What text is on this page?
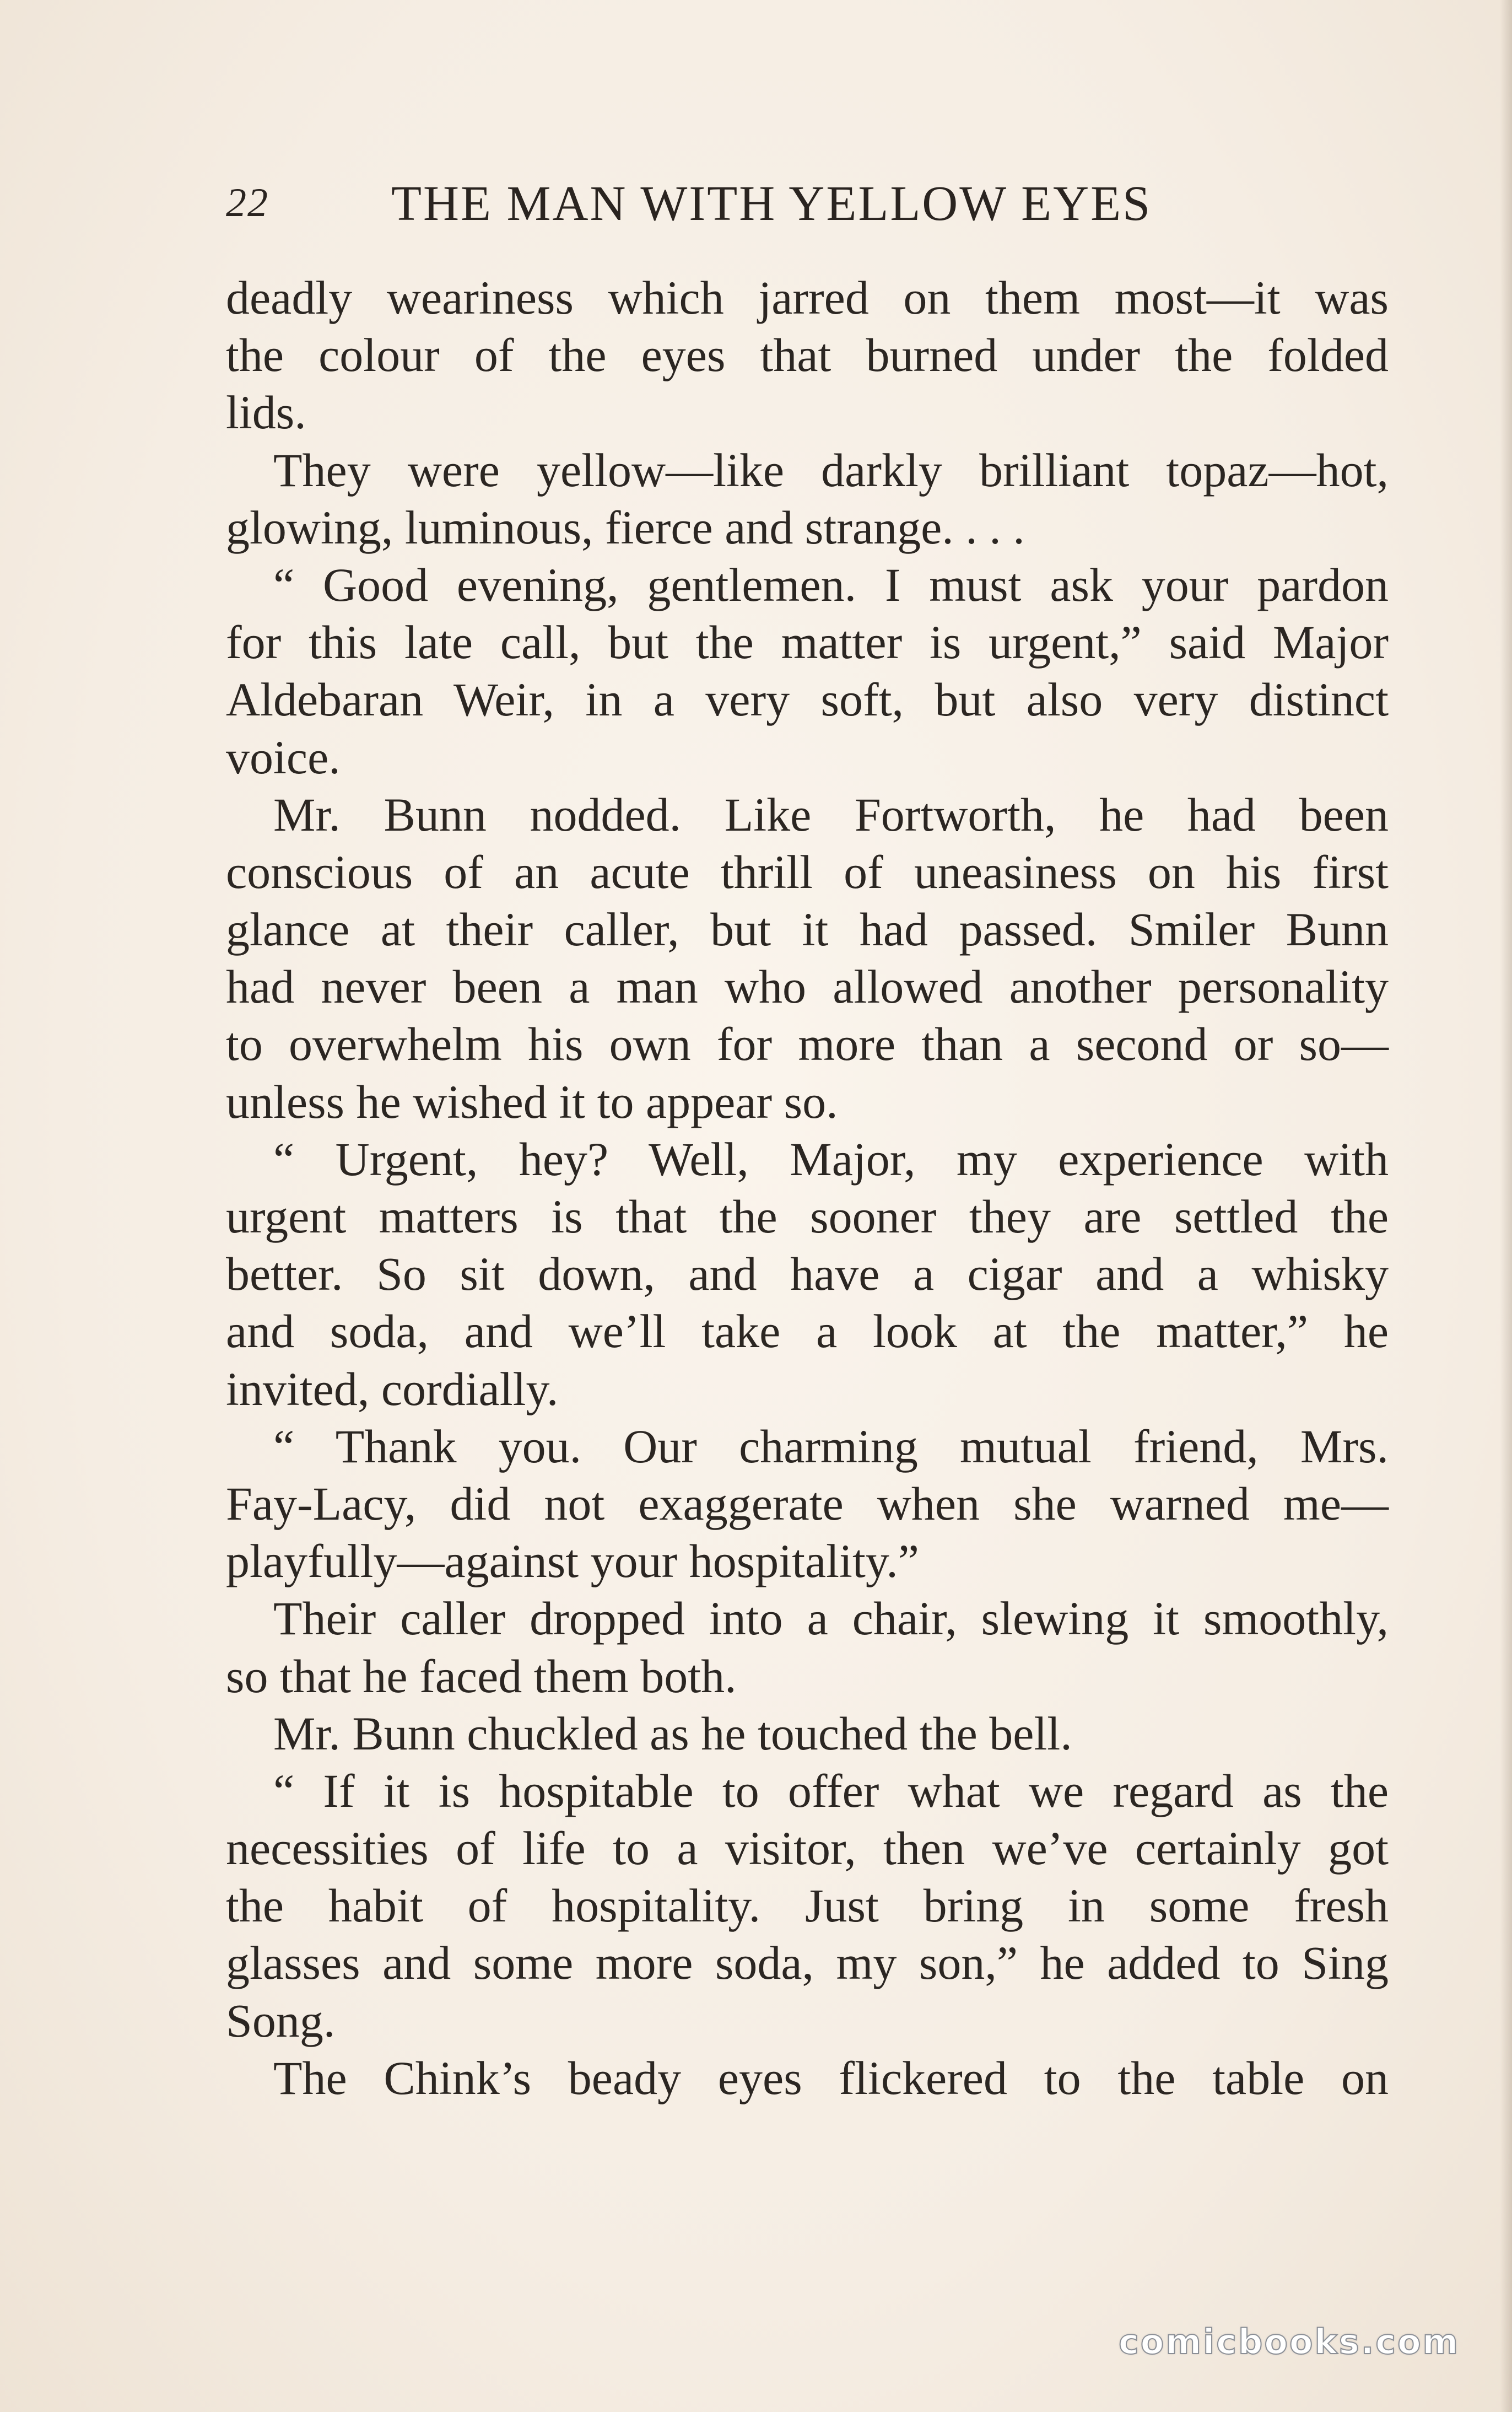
22 THE MAN WITH YELLOW EYES
deadly weariness which jarred on them most—it was
the colour of the eyes that burned under the folded
lids.
They were yellow—like darkly brilliant topaz—hot,
glowing, luminous, fierce and strange. . . .
“ Good evening, gentlemen. I must ask your pardon
for this late call, but the matter is urgent,” said Major
Aldebaran Weir, in a very soft, but also very distinct
voice.
Mr. Bunn nodded. Like Fortworth, he had been
conscious of an acute thrill of uneasiness on his first
glance at their caller, but it had passed. Smiler Bunn
had never been a man who allowed another personality
to overwhelm his own for more than a second or so—
unless he wished it to appear so.
“ Urgent, hey? Well, Major, my experience with
urgent matters is that the sooner they are settled the
better. So sit down, and have a cigar and a whisky
and soda, and we’ll take a look at the matter,” he
invited, cordially.
“ Thank you. Our charming mutual friend, Mrs.
Fay-Lacy, did not exaggerate when she warned me—
playfully—against your hospitality.”
Their caller dropped into a chair, slewing it smoothly,
so that he faced them both.
Mr. Bunn chuckled as he touched the bell.
“ If it is hospitable to offer what we regard as the
necessities of life to a visitor, then we’ve certainly got
the habit of hospitality. Just bring in some fresh
glasses and some more soda, my son,” he added to Sing
Song.
The Chink’s beady eyes flickered to the table on
comicbooks.com
